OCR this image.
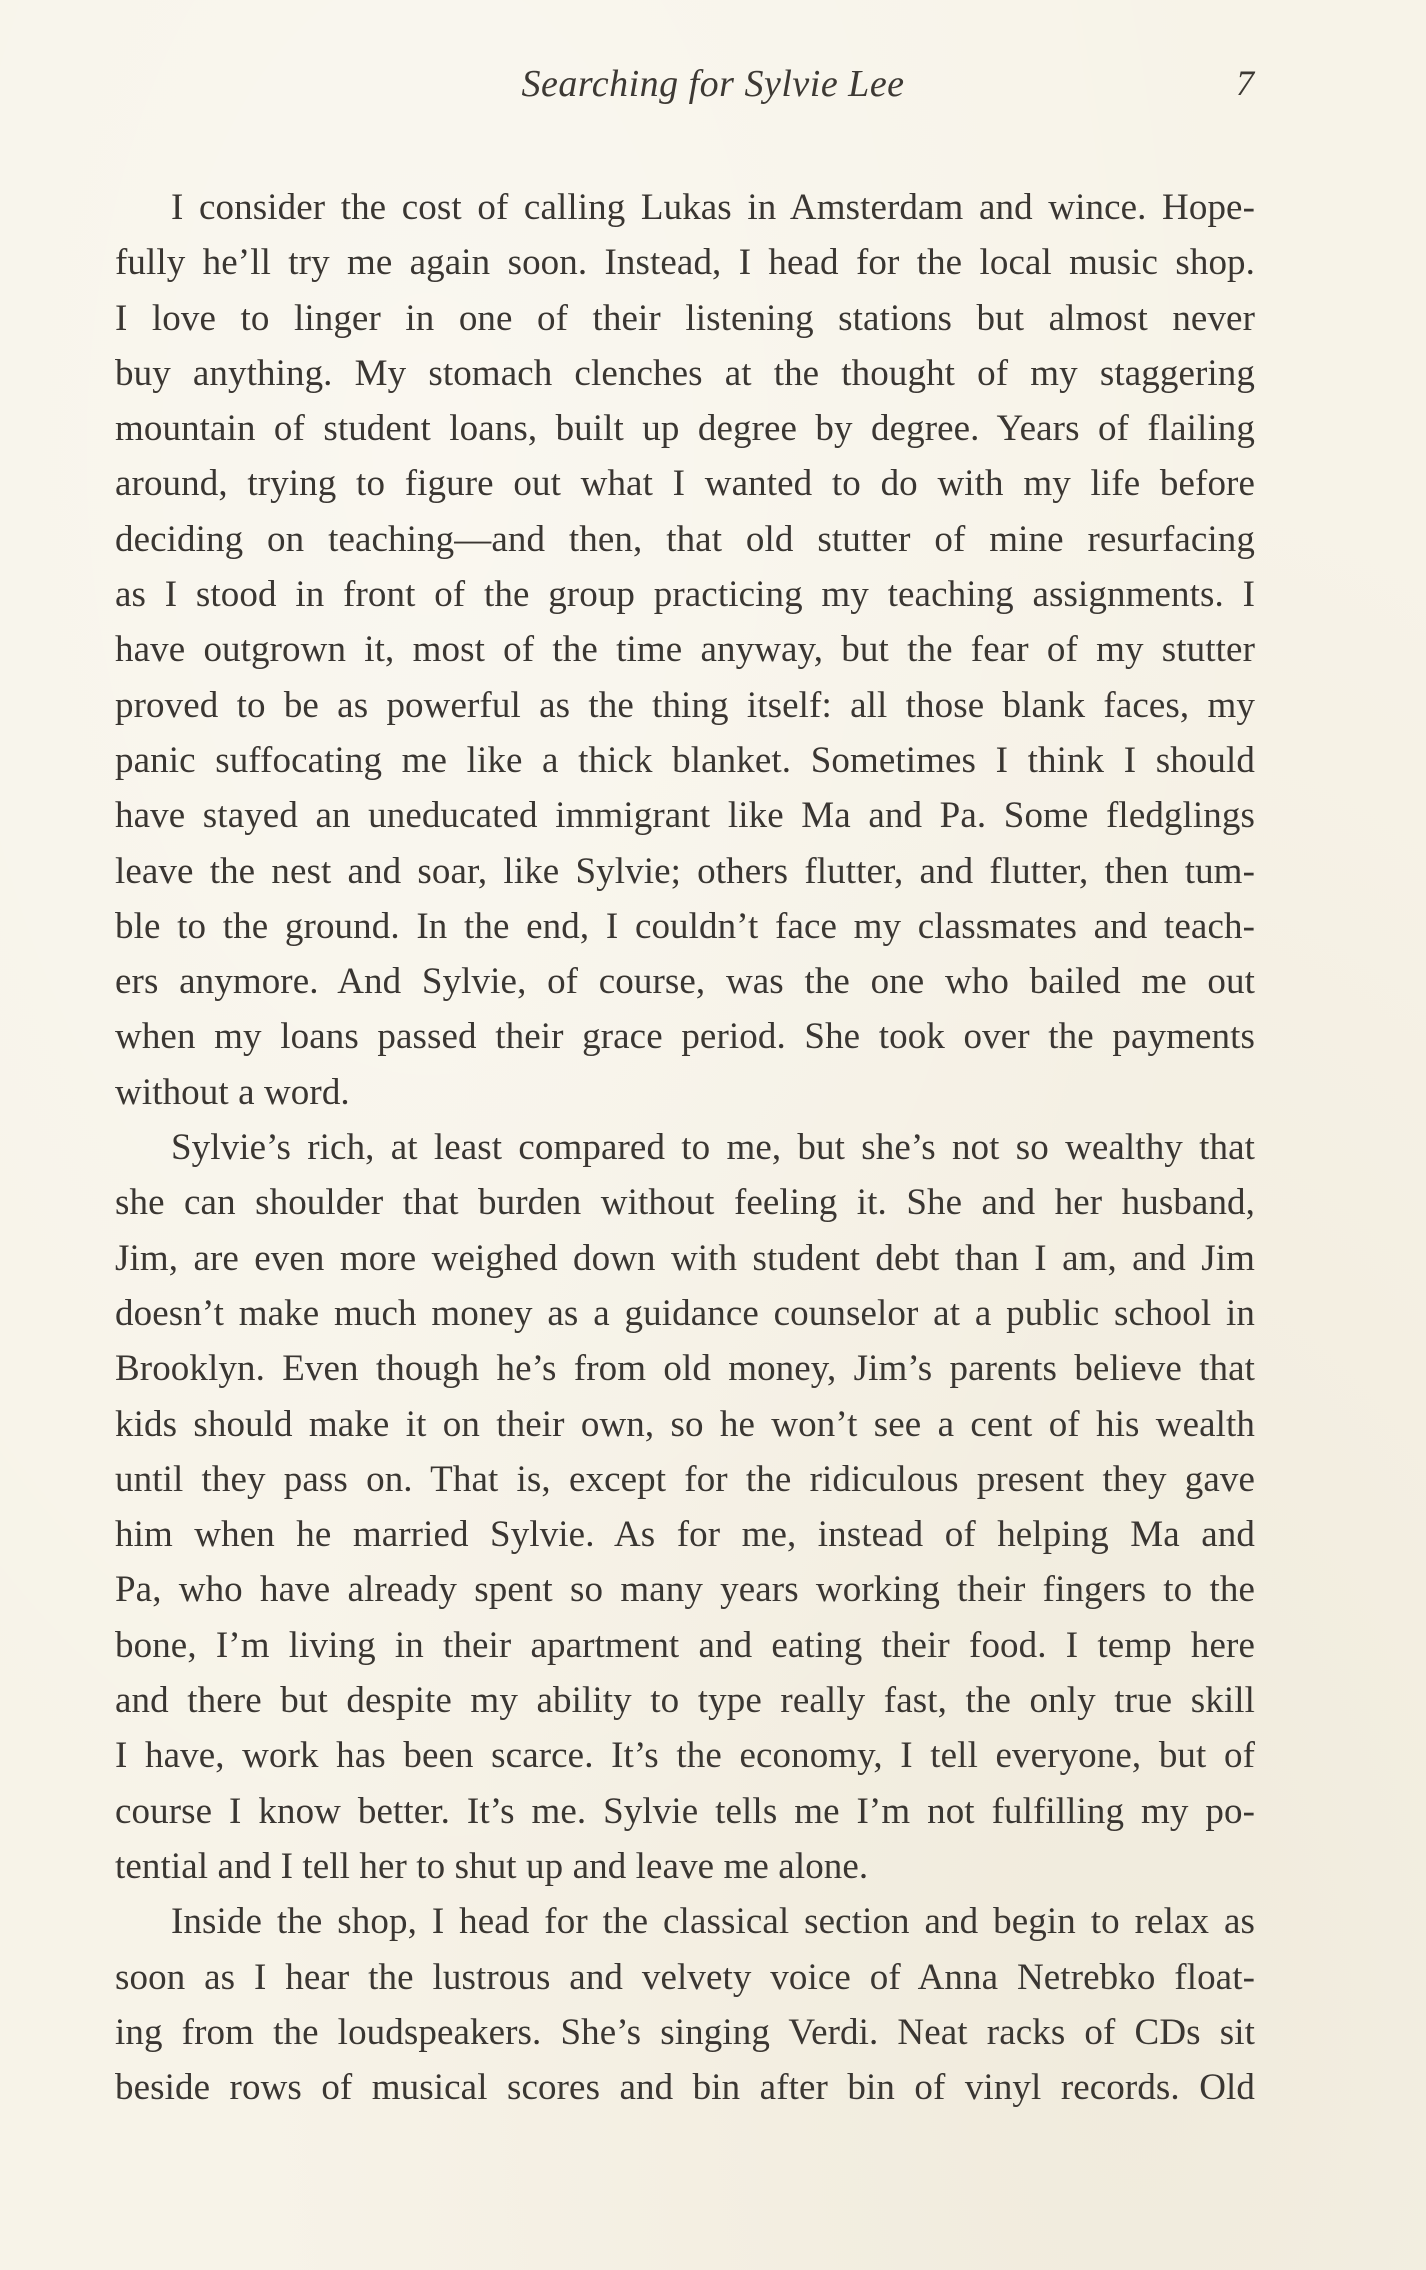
Searching for Sylvie Lee	7
I consider the cost of calling Lukas in Amsterdam and wince. Hope-
fully he’ll try me again soon. Instead, I head for the local music shop.
I love to linger in one of their listening stations but almost never
buy anything. My stomach clenches at the thought of my staggering
mountain of student loans, built up degree by degree. Years of flailing
around, trying to figure out what I wanted to do with my life before
deciding on teaching—and then, that old stutter of mine resurfacing
as I stood in front of the group practicing my teaching assignments. I
have outgrown it, most of the time anyway, but the fear of my stutter
proved to be as powerful as the thing itself: all those blank faces, my
panic suffocating me like a thick blanket. Sometimes I think I should
have stayed an uneducated immigrant like Ma and Pa. Some fledglings
leave the nest and soar, like Sylvie; others flutter, and flutter, then tum-
ble to the ground. In the end, I couldn’t face my classmates and teach-
ers anymore. And Sylvie, of course, was the one who bailed me out
when my loans passed their grace period. She took over the payments
without a word.
Sylvie’s rich, at least compared to me, but she’s not so wealthy that
she can shoulder that burden without feeling it. She and her husband,
Jim, are even more weighed down with student debt than I am, and Jim
doesn’t make much money as a guidance counselor at a public school in
Brooklyn. Even though he’s from old money, Jim’s parents believe that
kids should make it on their own, so he won’t see a cent of his wealth
until they pass on. That is, except for the ridiculous present they gave
him when he married Sylvie. As for me, instead of helping Ma and
Pa, who have already spent so many years working their fingers to the
bone, I’m living in their apartment and eating their food. I temp here
and there but despite my ability to type really fast, the only true skill
I have, work has been scarce. It’s the economy, I tell everyone, but of
course I know better. It’s me. Sylvie tells me I’m not fulfilling my po-
tential and I tell her to shut up and leave me alone.
Inside the shop, I head for the classical section and begin to relax as
soon as I hear the lustrous and velvety voice of Anna Netrebko float-
ing from the loudspeakers. She’s singing Verdi. Neat racks of CDs sit
beside rows of musical scores and bin after bin of vinyl records. Old
